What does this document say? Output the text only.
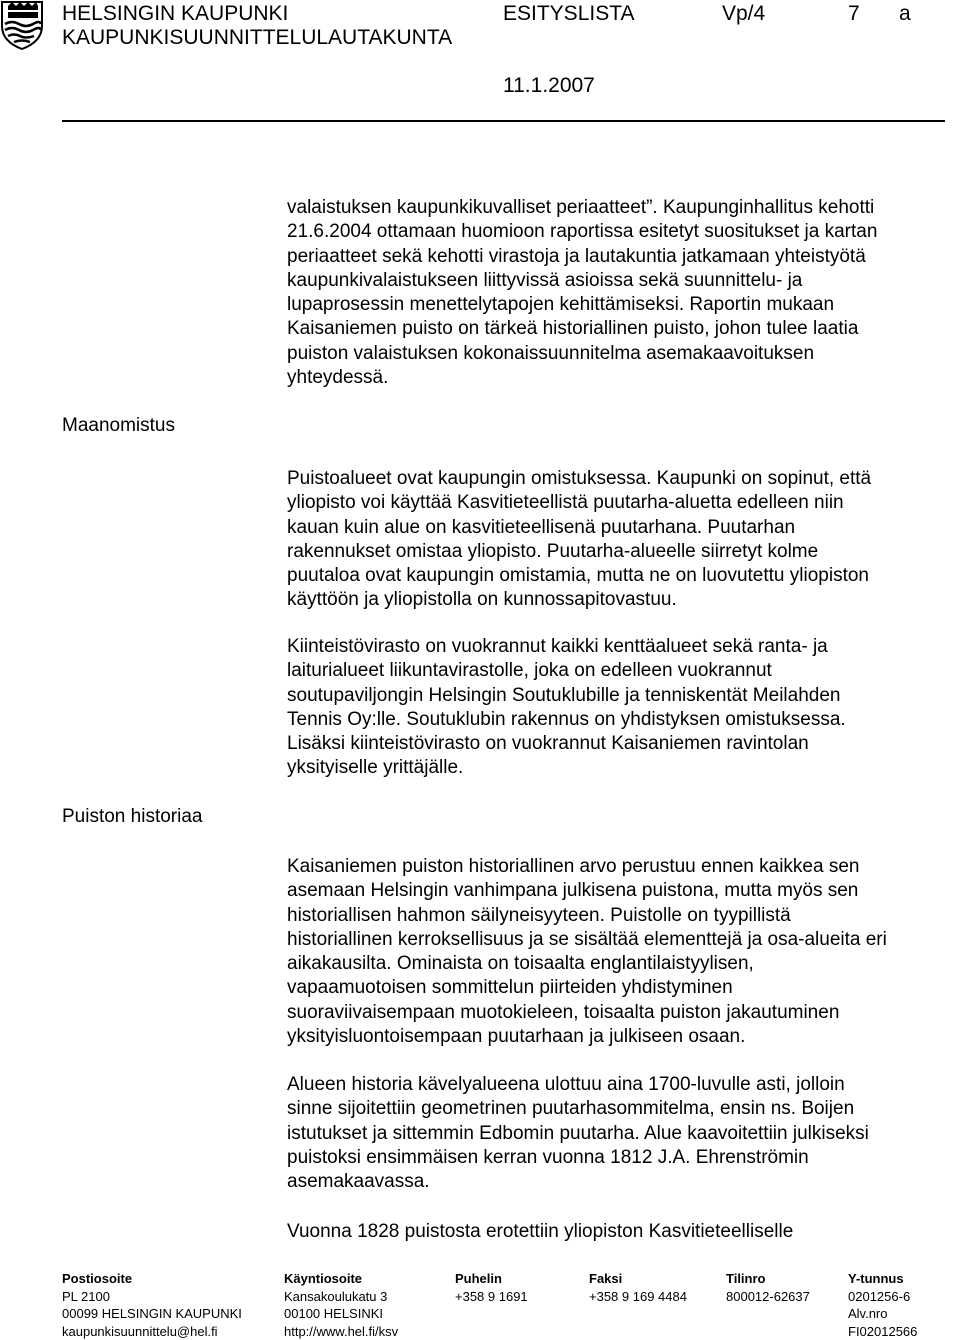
HELSINGIN KAUPUNKI
KAUPUNKISUUNNITTELULAUTAKUNTA
ESITYSLISTA	Vp/4	7 a
11.1.2007
Maanomistus
Puiston historiaa
valaistuksen kaupunkikuvalliset periaatteet”. Kaupunginhallitus kehotti
21.6.2004 ottamaan huomioon raportissa esitetyt suositukset ja kartan
periaatteet sekä kehotti virastoja ja lautakuntia jatkamaan yhteistyötä
kaupunkivalaistukseen liittyvissä asioissa sekä suunnittelu- ja
lupaprosessin menettelytapojen kehittämiseksi. Raportin mukaan
Kaisaniemen puisto on tärkeä historiallinen puisto, johon tulee laatia
puiston valaistuksen kokonaissuunnitelma asemakaavoituksen
yhteydessä.
Puistoalueet ovat kaupungin omistuksessa. Kaupunki on sopinut, että
yliopisto voi käyttää Kasvitieteellistä puutarha-aluetta edelleen niin
kauan kuin alue on kasvitieteellisenä puutarhana. Puutarhan
rakennukset omistaa yliopisto. Puutarha-alueelle siirretyt kolme
puutaloa ovat kaupungin omistamia, mutta ne on luovutettu yliopiston
käyttöön ja yliopistolla on kunnossapitovastuu.
Kiinteistövirasto on vuokrannut kaikki kenttäalueet sekä ranta- ja
laiturialueet liikuntavirastolle, joka on edelleen vuokrannut
soutupaviljongin Helsingin Soutuklubille ja tenniskentät Meilahden
Tennis Oy:lle. Soutuklubin rakennus on yhdistyksen omistuksessa.
Lisäksi kiinteistövirasto on vuokrannut Kaisaniemen ravintolan
yksityiselle yrittäjälle.
Kaisaniemen puiston historiallinen arvo perustuu ennen kaikkea sen
asemaan Helsingin vanhimpana julkisena puistona, mutta myös sen
historiallisen hahmon säilyneisyyteen. Puistolle on tyypillistä
historiallinen kerroksellisuus ja se sisältää elementtejä ja osa-alueita eri
aikakausilta. Ominaista on toisaalta englantilaistyylisen,
vapaamuotoisen sommittelun piirteiden yhdistyminen
suoraviivaisempaan muotokieleen, toisaalta puiston jakautuminen
yksityisluontoisempaan puutarhaan ja julkiseen osaan.
Alueen historia kävelyalueena ulottuu aina 1700-luvulle asti, jolloin
sinne sijoitettiin geometrinen puutarhasommitelma, ensin ns. Boijen
istutukset ja sittemmin Edbomin puutarha. Alue kaavoitettiin julkiseksi
puistoksi ensimmäisen kerran vuonna 1812 J.A. Ehrenströmin
asemakaavassa.
Vuonna 1828 puistosta erotettiin yliopiston Kasvitieteelliselle
Postiosoite
PL 2100
00099 HELSINGIN KAUPUNKI
kaupunkisuunnittelu@hel.fi
Käyntiosoite
Kansakoulukatu 3
00100 HELSINKI
http://www.hel.fi/ksv
Puhelin
+358 9 1691
Faksi
+358 9 169 4484
Tilinro
800012-62637
Y-tunnus
0201256-6
Alv.nro
FI02012566
